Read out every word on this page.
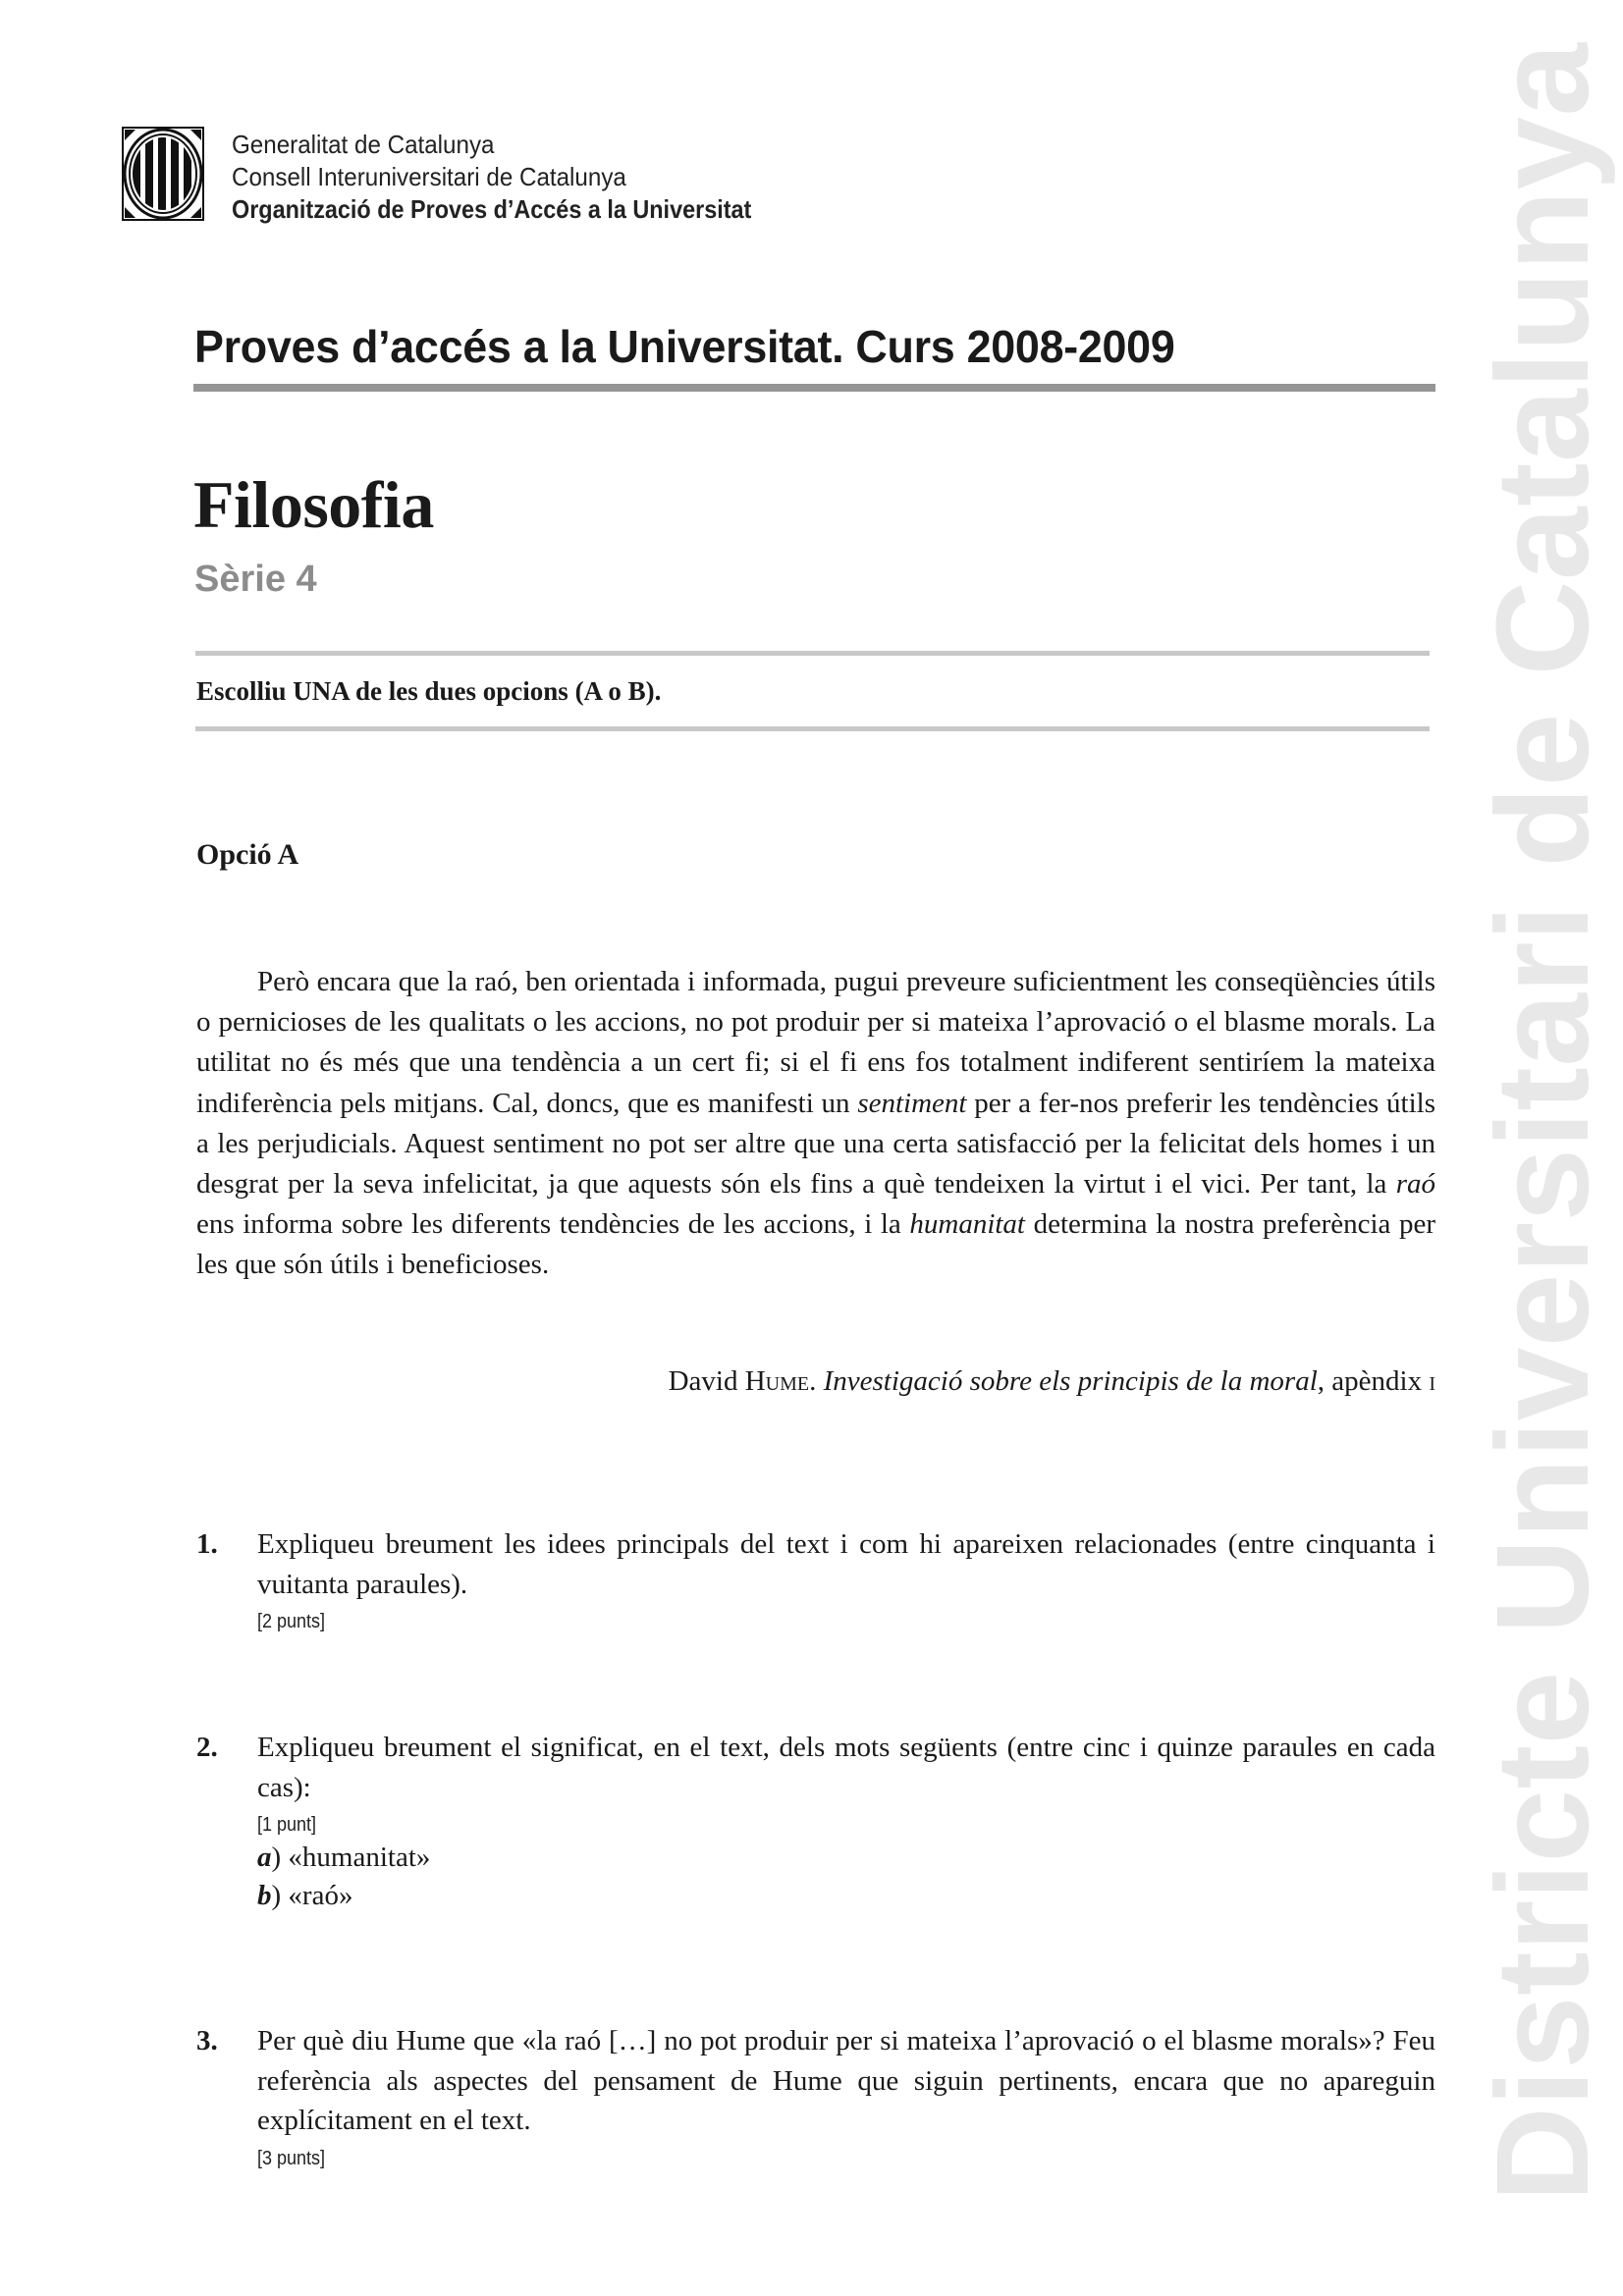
Generalitat de Catalunya
Consell Interuniversitari de Catalunya
Organització de Proves d’Accés a la Universitat
Proves d’accés a la Universitat. Curs 2008-2009
Filosofia
Sèrie 4
Escolliu UNA de les dues opcions (A o B).
Opció A

Però encara que la raó, ben orientada i informada, pugui preveure suficientment les conseqüències útils o pernicioses de les qualitats o les accions, no pot produir per si mateixa l’aprovació o el blasme morals. La utilitat no és més que una tendència a un cert fi; si el fi ens fos totalment indiferent sentiríem la mateixa indiferència pels mitjans. Cal, doncs, que es manifesti un sentiment per a fer-nos preferir les tendències útils a les perjudicials. Aquest sentiment no pot ser altre que una certa satisfacció per la felicitat dels homes i un desgrat per la seva infelicitat, ja que aquests són els fins a què tendeixen la virtut i el vici. Per tant, la raó ens informa sobre les diferents tendències de les accions, i la humanitat determina la nostra preferència per les que són útils i beneficioses.

David Hume. Investigació sobre els principis de la moral, apèndix i
1. Expliqueu breument les idees principals del text i com hi apareixen relacionades (entre cinquanta i vuitanta paraules).
[2 punts]
2. Expliqueu breument el significat, en el text, dels mots següents (entre cinc i quinze paraules en cada cas):
[1 punt]
a) «humanitat»
b) «raó»
3. Per què diu Hume que «la raó […] no pot produir per si mateixa l’aprovació o el blasme morals»? Feu referència als aspectes del pensament de Hume que siguin pertinents, encara que no apareguin explícitament en el text.
[3 punts]	Districte Universitari de Catalunya
